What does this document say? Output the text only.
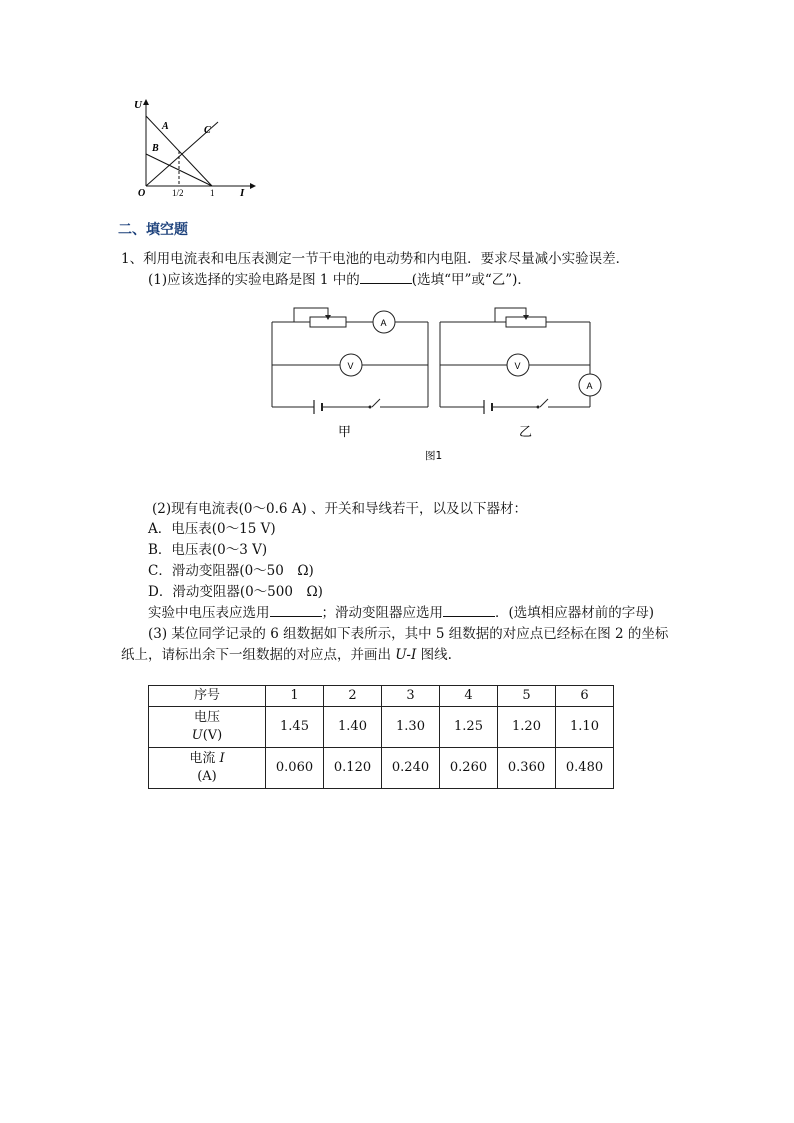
U
I
O
A
B
C
1/2	1
二、填空题
1、利用电流表和电压表测定一节干电池的电动势和内电阻．要求尽量减小实验误差．
(1)应该选择的实验电路是图 1 中的	(选填“甲”或“乙”)．
A
V
甲
V
A
乙
图1
(2)现有电流表(0～0.6 A) 、开关和导线若干，以及以下器材：
A．电压表(0～15 V)
B．电压表(0～3 V)
C．滑动变阻器(0～50　Ω)
D．滑动变阻器(0～500　Ω)
实验中电压表应选用	；滑动变阻器应选用	．(选填相应器材前的字母)
(3) 某位同学记录的 6 组数据如下表所示，其中 5 组数据的对应点已经标在图 2 的坐标
纸上，请标出余下一组数据的对应点，并画出 U-I 图线.
序号	1	2	3	4	5	6

电压
U(V)	1.45	1.40	1.30	1.25	1.20	1.10

电流 I
(A)	0.060	0.120	0.240	0.260	0.360	0.480
